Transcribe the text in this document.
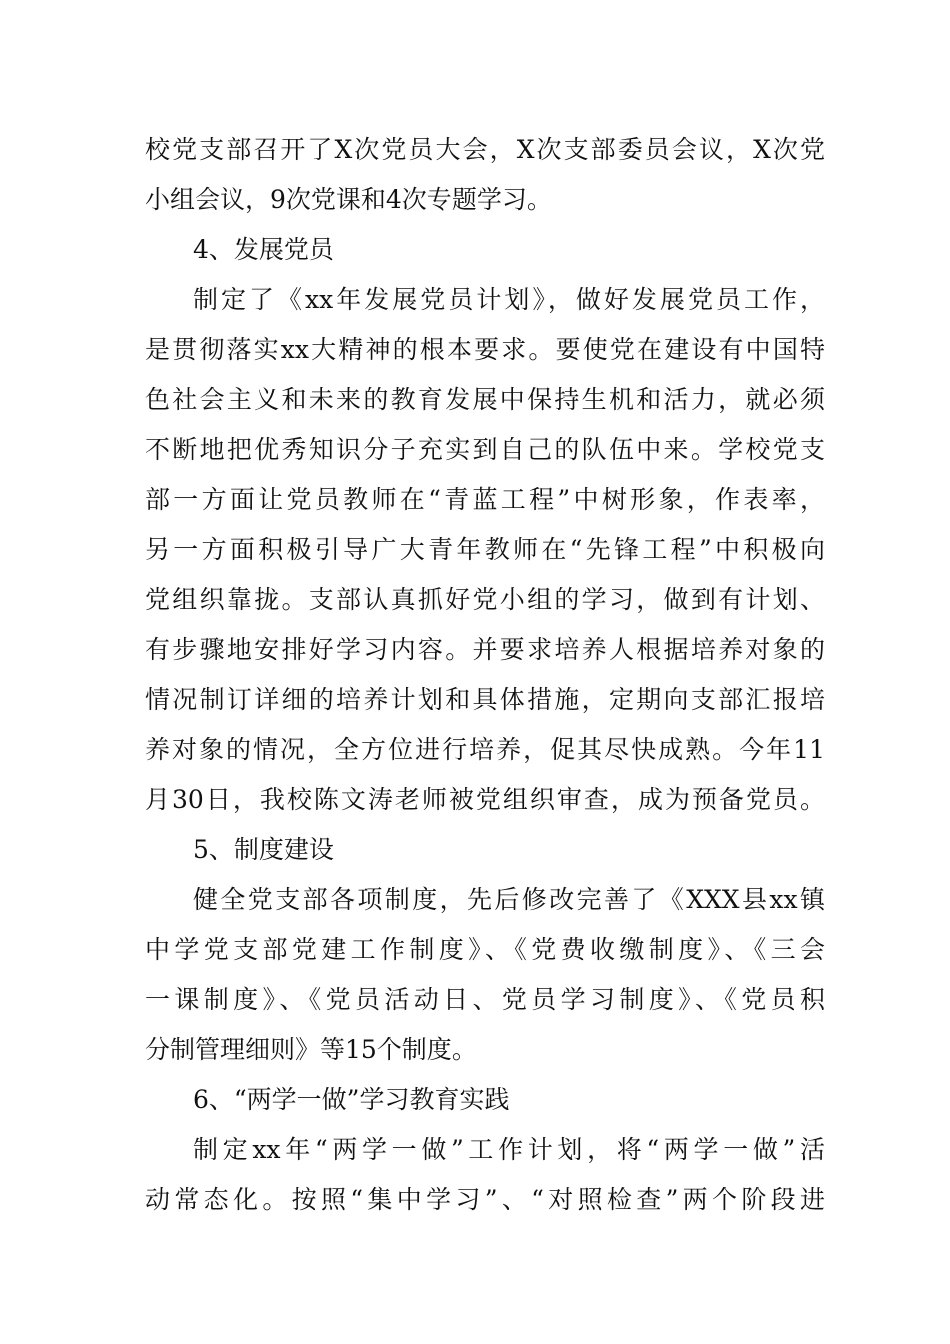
校党支部召开了X次党员大会，X次支部委员会议，X次党
小组会议，9次党课和4次专题学习。
4、发展党员
制定了《xx年发展党员计划》，做好发展党员工作，
是贯彻落实xx大精神的根本要求。要使党在建设有中国特
色社会主义和未来的教育发展中保持生机和活力，就必须
不断地把优秀知识分子充实到自己的队伍中来。学校党支
部一方面让党员教师在“青蓝工程”中树形象，作表率，
另一方面积极引导广大青年教师在“先锋工程”中积极向
党组织靠拢。支部认真抓好党小组的学习，做到有计划、
有步骤地安排好学习内容。并要求培养人根据培养对象的
情况制订详细的培养计划和具体措施，定期向支部汇报培
养对象的情况，全方位进行培养，促其尽快成熟。今年11
月30日，我校陈文涛老师被党组织审查，成为预备党员。
5、制度建设
健全党支部各项制度，先后修改完善了《XXX县xx镇
中学党支部党建工作制度》、《党费收缴制度》、《三会
一课制度》、《党员活动日、党员学习制度》、《党员积
分制管理细则》等15个制度。
6、“两学一做”学习教育实践
制定xx年“两学一做”工作计划，将“两学一做”活
动常态化。按照“集中学习”、“对照检查”两个阶段进
